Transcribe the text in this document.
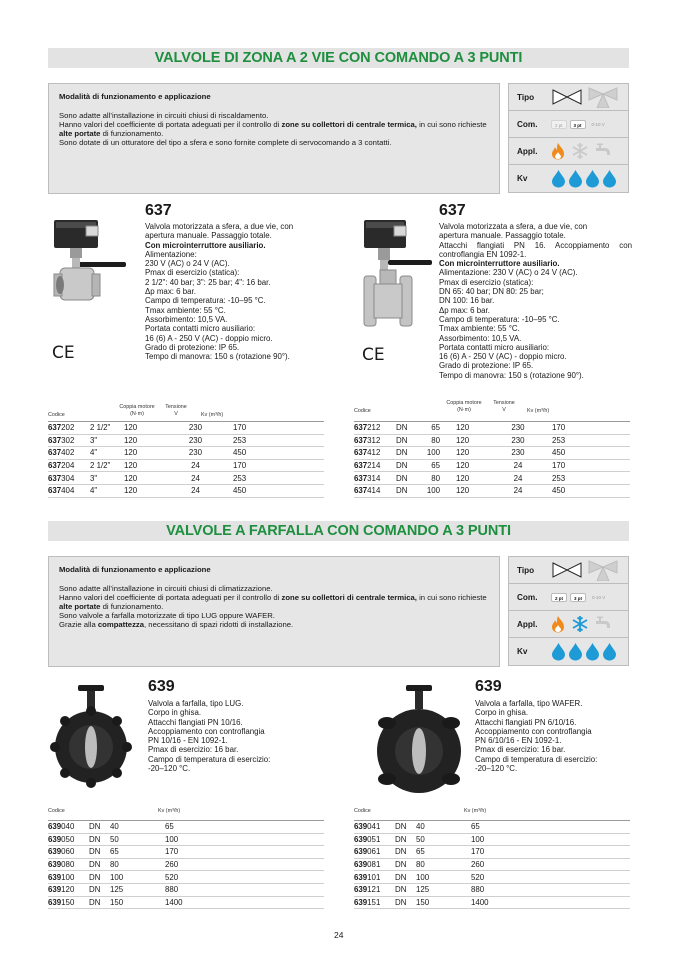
VALVOLE DI ZONA A 2 VIE CON COMANDO A 3 PUNTI
Modalità di funzionamento e applicazione

Sono adatte all’installazione in circuiti chiusi di riscaldamento.

Hanno valori del coefficiente di portata adeguati per il controllo di zone su collettori di centrale termica, in cui sono richieste alte portate di funzionamento.

Sono dotate di un otturatore del tipo a sfera e sono fornite complete di servocomando a 3 contatti.

Tipo
Com.	2 pt	3 pt	0-10 V
Appl.
Kv
CE
637
Valvola motorizzata a sfera, a due vie, con
apertura manuale. Passaggio totale.
Con microinterruttore ausiliario.
Alimentazione:
230 V (AC) o 24 V (AC).
Pmax di esercizio (statica):
2 1/2": 40 bar; 3": 25 bar; 4": 16 bar.
Δp max: 6 bar.
Campo di temperatura: -10–95 °C.
Tmax ambiente: 55 °C.
Assorbimento: 10,5 VA.
Portata contatti micro ausiliario:
16 (6) A - 250 V (AC) - doppio micro.
Grado di protezione: IP 65.
Tempo di manovra: 150 s (rotazione 90°).
Codice
Coppia motore
(N·m)
Tensione
V	Kv (m³/h)
637202	2 1/2"	120	230	170
637302	3"	120	230	253
637402	4"	120	230	450
637204	2 1/2"	120	24	170
637304	3"	120	24	253
637404	4"	120	24	450
CE
637
Valvola motorizzata a sfera, a due vie, con
apertura manuale. Passaggio totale.
Attacchi flangiati PN 16. Accoppiamento con
controflangia EN 1092-1.
Con microinterruttore ausiliario.
Alimentazione: 230 V (AC) o 24 V (AC).
Pmax di esercizio (statica):
DN 65: 40 bar; DN 80: 25 bar;
DN 100: 16 bar.
Δp max: 6 bar.
Campo di temperatura: -10–95 °C.
Tmax ambiente: 55 °C.
Assorbimento: 10,5 VA.
Portata contatti micro ausiliario:
16 (6) A - 250 V (AC) - doppio micro.
Grado di protezione: IP 65.
Tempo di manovra: 150 s (rotazione 90°).
Codice
Coppia motore
(N·m)
Tensione
V	Kv (m³/h)
637212	DN	65	120	230	170
637312	DN	80	120	230	253
637412	DN	100	120	230	450
637214	DN	65	120	24	170
637314	DN	80	120	24	253
637414	DN	100	120	24	450
VALVOLE A FARFALLA CON COMANDO A 3 PUNTI
Modalità di funzionamento e applicazione

Sono adatte all’installazione in circuiti chiusi di climatizzazione.

Hanno valori del coefficiente di portata adeguati per il controllo di zone su collettori di centrale termica, in cui sono richieste alte portate di funzionamento.

Sono valvole a farfalla motorizzate di tipo LUG oppure WAFER.

Grazie alla compattezza, necessitano di spazi ridotti di installazione.

Tipo
Com.	2 pt	3 pt	0-10 V
Appl.
Kv
639
Valvola a farfalla, tipo LUG.
Corpo in ghisa.
Attacchi flangiati PN 10/16.
Accoppiamento con controflangia
PN 10/16 - EN 1092-1.
Pmax di esercizio: 16 bar.
Campo di temperatura di esercizio:
-20–120 °C.
Codice	Kv (m³/h)
639040	DN	40	65
639050	DN	50	100
639060	DN	65	170
639080	DN	80	260
639100	DN	100	520
639120	DN	125	880
639150	DN	150	1400
639
Valvola a farfalla, tipo WAFER.
Corpo in ghisa.
Attacchi flangiati PN 6/10/16.
Accoppiamento con controflangia
PN 6/10/16 - EN 1092-1.
Pmax di esercizio: 16 bar.
Campo di temperatura di esercizio:
-20–120 °C.
Codice	Kv (m³/h)
639041	DN	40	65
639051	DN	50	100
639061	DN	65	170
639081	DN	80	260
639101	DN	100	520
639121	DN	125	880
639151	DN	150	1400
24
